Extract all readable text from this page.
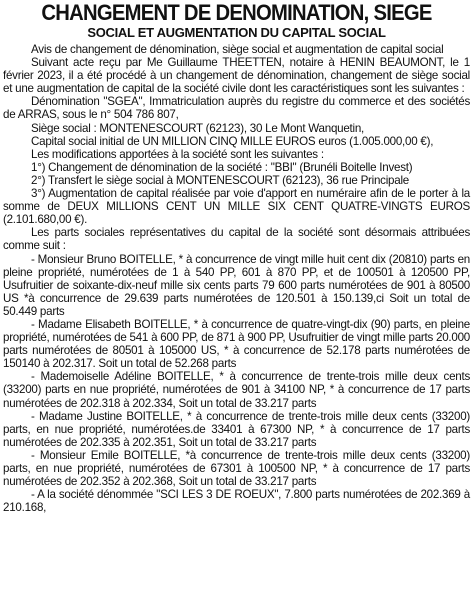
CHANGEMENT DE DENOMINATION, SIEGE
SOCIAL ET AUGMENTATION DU CAPITAL SOCIAL

Avis de changement de dénomination, siège social et augmentation de capital social

Suivant acte reçu par Me Guillaume THEETTEN, notaire à HENIN BEAUMONT, le 1 février 2023, il a été procédé à un changement de dénomination, changement de siège social et une augmentation de capital de la société civile dont les caractéristiques sont les suivantes :

Dénomination "SGEA", Immatriculation auprès du registre du commerce et des sociétés de ARRAS, sous le n° 504 786 807,

Siège social : MONTENESCOURT (62123), 30 Le Mont Wanquetin,

Capital social initial de UN MILLION CINQ MILLE EUROS euros (1.005.000,00 €),

Les modifications apportées à la société sont les suivantes :

1°) Changement de dénomination de la société : "BBI" (Brunéli Boitelle Invest)

2°) Transfert le siège social à MONTENESCOURT (62123), 36 rue Principale

3°) Augmentation de capital réalisée par voie d'apport en numéraire afin de le porter à la somme de DEUX MILLIONS CENT UN MILLE SIX CENT QUATRE-VINGTS EUROS (2.101.680,00 €).

Les parts sociales représentatives du capital de la société sont désormais attribuées comme suit :

- Monsieur Bruno BOITELLE, * à concurrence de vingt mille huit cent dix (20810) parts en pleine propriété, numérotées de 1 à 540 PP, 601 à 870 PP, et de 100501 à 120500 PP, Usufruitier de soixante-dix-neuf mille six cents parts 79 600 parts numérotées de 901 à 80500 US *à concurrence de 29.639 parts numérotées de 120.501 à 150.139,ci Soit un total de 50.449 parts

- Madame Elisabeth BOITELLE, * à concurrence de quatre-vingt-dix (90) parts, en pleine propriété, numérotées de 541 à 600 PP, de 871 à 900 PP, Usufruitier de vingt mille parts 20.000 parts numérotées de 80501 à 105000 US, * à concurrence de 52.178 parts numérotées de 150140 à 202.317. Soit un total de 52.268 parts

- Mademoiselle Adéline BOITELLE, * à concurrence de trente-trois mille deux cents (33200) parts en nue propriété, numérotées de 901 à 34100 NP, * à concurrence de 17 parts numérotées de 202.318 à 202.334, Soit un total de 33.217 parts

- Madame Justine BOITELLE, * à concurrence de trente-trois mille deux cents (33200) parts, en nue propriété, numérotées.de 33401 à 67300 NP, * à concurrence de 17 parts numérotées de 202.335 à 202.351, Soit un total de 33.217 parts

- Monsieur Emile BOITELLE, *à concurrence de trente-trois mille deux cents (33200) parts, en nue propriété, numérotées de 67301 à 100500 NP, * à concurrence de 17 parts numérotées de 202.352 à 202.368, Soit un total de 33.217 parts

- A la société dénommée "SCI LES 3 DE ROEUX", 7.800 parts numérotées de 202.369 à 210.168,
